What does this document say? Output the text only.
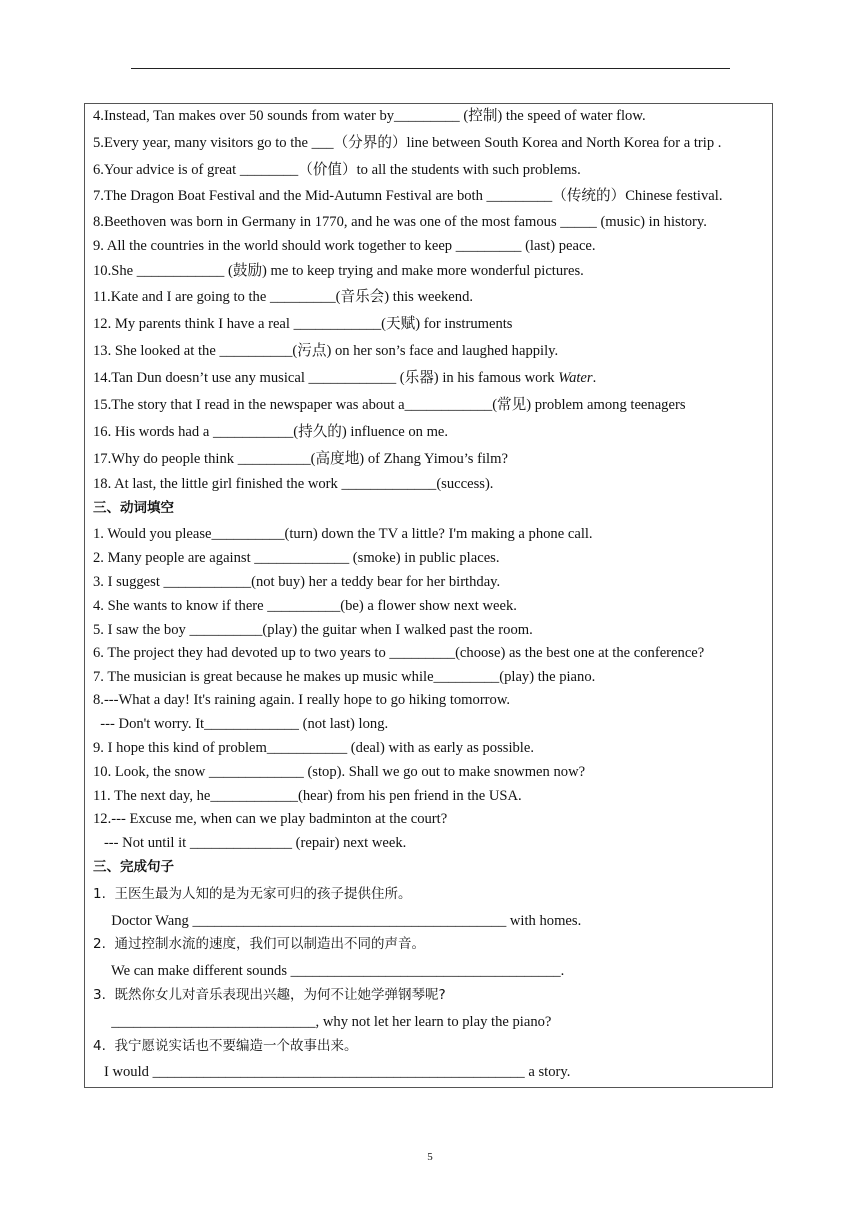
4.Instead, Tan makes over 50 sounds from water by_________ (控制) the speed of water flow.
5.Every year, many visitors go to the ___（分界的）line between South Korea and North Korea for a trip .
6.Your advice is of great ________（价值）to all the students with such problems.
7.The Dragon Boat Festival and the Mid-Autumn Festival are both _________（传统的）Chinese festival.
8.Beethoven was born in Germany in 1770, and he was one of the most famous _____ (music) in history.
9. All the countries in the world should work together to keep _________ (last) peace.
10.She ____________ (鼓励) me to keep trying and make more wonderful pictures.
11.Kate and I are going to the _________(音乐会) this weekend.
12. My parents think I have a real ____________(天赋) for instruments
13. She looked at the __________(污点) on her son’s face and laughed happily.
14.Tan Dun doesn’t use any musical ____________ (乐器) in his famous work Water.
15.The story that I read in the newspaper was about a____________(常见) problem among teenagers
16. His words had a ___________(持久的) influence on me.
17.Why do people think __________(高度地) of Zhang Yimou’s film?
18. At last, the little girl finished the work _____________(success).
三、动词填空
1. Would you please__________(turn) down the TV a little? I'm making a phone call.
2. Many people are against _____________ (smoke) in public places.
3. I suggest ____________(not buy) her a teddy bear for her birthday.
4. She wants to know if there __________(be) a flower show next week.
5. I saw the boy __________(play) the guitar when I walked past the room.
6. The project they had devoted up to two years to _________(choose) as the best one at the conference?
7. The musician is great because he makes up music while_________(play) the piano.
8.---What a day! It's raining again. I really hope to go hiking tomorrow.
--- Don't worry. It_____________ (not last) long.
9. I hope this kind of problem___________ (deal) with as early as possible.
10. Look, the snow _____________ (stop). Shall we go out to make snowmen now?
11. The next day, he____________(hear) from his pen friend in the USA.
12.--- Excuse me, when can we play badminton at the court?
--- Not until it ______________ (repair) next week.
三、完成句子
1.  王医生最为人知的是为无家可归的孩子提供住所。
Doctor Wang ___________________________________________ with homes.
2.  通过控制水流的速度，我们可以制造出不同的声音。
We can make different sounds _____________________________________.
3.  既然你女儿对音乐表现出兴趣，为何不让她学弹钢琴呢?
____________________________, why not let her learn to play the piano?
4.  我宁愿说实话也不要编造一个故事出来。
I would ___________________________________________________ a story.
5
